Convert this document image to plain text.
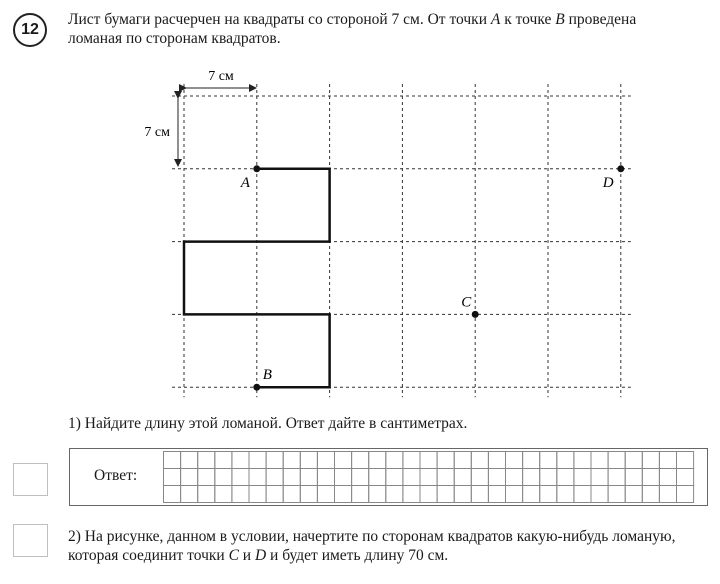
12
Лист бумаги расчерчен на квадраты со стороной 7 см. От точки A к точке B проведена
ломаная по сторонам квадратов.
7 см
7 см
A
B
C
D
1) Найдите длину этой ломаной. Ответ дайте в сантиметрах.
Ответ:
2) На рисунке, данном в условии, начертите по сторонам квадратов какую-нибудь ломаную,
которая соединит точки C и D и будет иметь длину 70 см.
